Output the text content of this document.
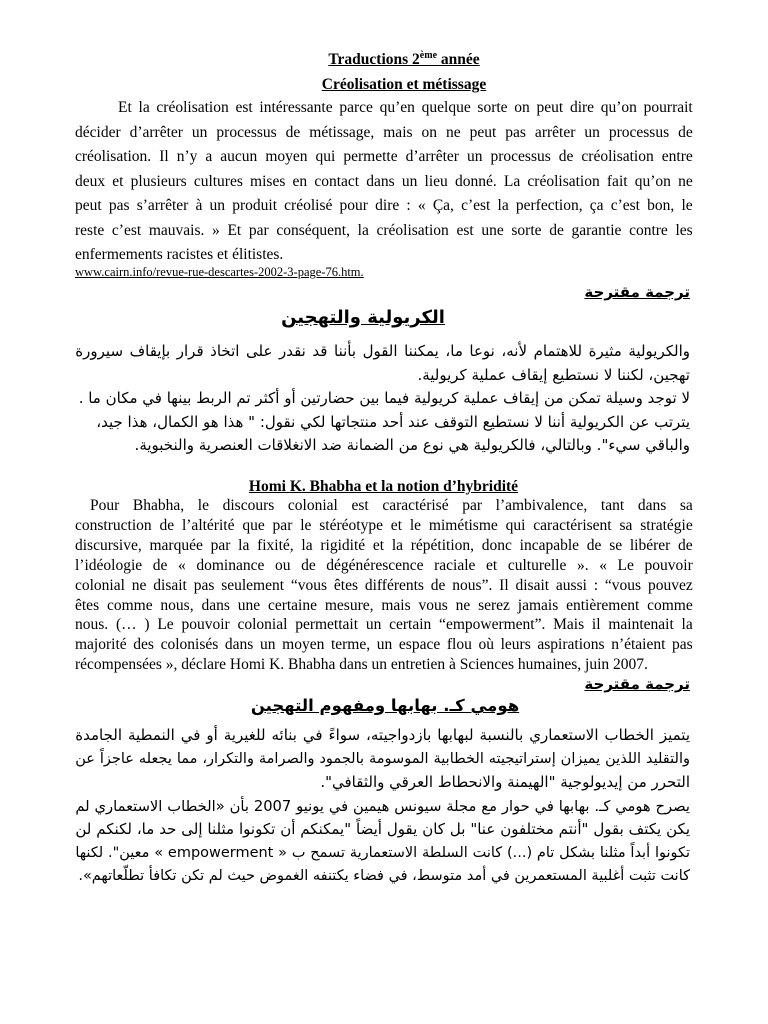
Traductions 2ème année
Créolisation et métissage
Et la créolisation est intéressante parce qu’en quelque sorte on peut dire qu’on pourrait
décider d’arrêter un processus de métissage, mais on ne peut pas arrêter un processus de
créolisation. Il n’y a aucun moyen qui permette d’arrêter un processus de créolisation entre
deux et plusieurs cultures mises en contact dans un lieu donné. La créolisation fait qu’on ne
peut pas s’arrêter à un produit créolisé pour dire : « Ça, c’est la perfection, ça c’est bon, le
reste c’est mauvais. » Et par conséquent, la créolisation est une sorte de garantie contre les
enfermements racistes et élitistes.
www.cairn.info/revue-rue-descartes-2002-3-page-76.htm.
ترجمة مقترحة
الكريولية والتهجين
والكريولية مثيرة للاهتمام لأنه، نوعا ما، يمكننا القول بأننا قد نقدر على اتخاذ قرار بإيقاف سيرورة
تهجين، لكننا لا نستطيع إيقاف عملية كريولية.
لا توجد وسيلة تمكن من إيقاف عملية كريولية فيما بين حضارتين أو أكثر تم الربط بينها في مكان ما .
يترتب عن الكريولية أننا لا نستطيع التوقف عند أحد منتجاتها لكي نقول: " هذا هو الكمال، هذا جيد،
والباقي سيء". وبالتالي، فالكريولية هي نوع من الضمانة ضد الانغلاقات العنصرية والنخبوية.
Homi K. Bhabha et la notion d’hybridité
Pour Bhabha, le discours colonial est caractérisé par l’ambivalence, tant dans sa
construction de l’altérité que par le stéréotype et le mimétisme qui caractérisent sa stratégie
discursive, marquée par la fixité, la rigidité et la répétition, donc incapable de se libérer de
l’idéologie de « dominance ou de dégénérescence raciale et culturelle ». « Le pouvoir
colonial ne disait pas seulement “vous êtes différents de nous”. Il disait aussi : “vous pouvez
êtes comme nous, dans une certaine mesure, mais vous ne serez jamais entièrement comme
nous. (… ) Le pouvoir colonial permettait un certain “empowerment”. Mais il maintenait la
majorité des colonisés dans un moyen terme, un espace flou où leurs aspirations n’étaient pas
récompensées », déclare Homi K. Bhabha dans un entretien à Sciences humaines, juin 2007.
ترجمة مقترحة
هومي كـ. بهابها ومفهوم التهجين
يتميز الخطاب الاستعماري بالنسبة لبهابها بازدواجيته، سواءً في بنائه للغيرية أو في النمطية الجامدة
والتقليد اللذين يميزان إستراتيجيته الخطابية الموسومة بالجمود والصرامة والتكرار، مما يجعله عاجزاً عن
التحرر من إيديولوجية "الهيمنة والانحطاط العرقي والثقافي".
يصرح هومي كـ. بهابها في حوار مع مجلة سيونس هيمين في يونيو 2007 بأن «الخطاب الاستعماري لم
يكن يكتف بقول "أنتم مختلفون عنا" بل كان يقول أيضاً "يمكنكم أن تكونوا مثلنا إلى حد ما، لكنكم لن
تكونوا أبداً مثلنا بشكل تام (...) كانت السلطة الاستعمارية تسمح ب « empowerment » معين". لكنها
كانت تثبت أغلبية المستعمرين في أمد متوسط، في فضاء يكتنفه الغموض حيث لم تكن تكافأ تطلّعاتهم».
